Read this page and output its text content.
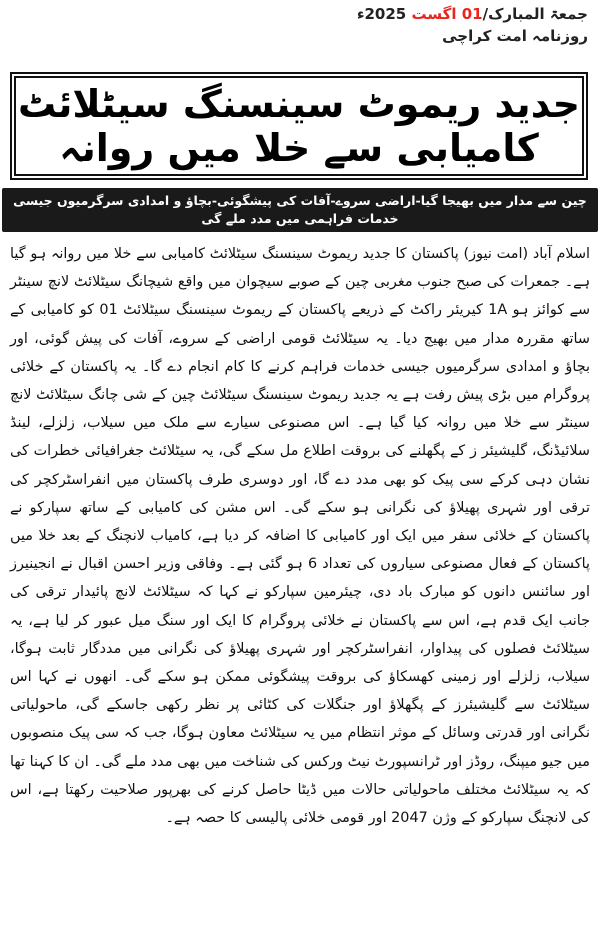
جمعۃ المبارک/01 اگست 2025ء
روزنامہ امت کراچی
جدید ریموٹ سینسنگ سیٹلائٹ کامیابی سے خلا میں روانہ
چین سے مدار میں بھیجا گیا-اراضی سروے-آفات کی پیشگوئی-بچاؤ و امدادی سرگرمیوں جیسی خدمات فراہمی میں مدد ملے گی

اسلام آباد (امت نیوز) پاکستان کا جدید ریموٹ سینسنگ سیٹلائٹ کامیابی سے خلا میں روانہ ہو گیا ہے۔ جمعرات کی صبح جنوب مغربی چین کے صوبے سیچوان میں واقع شیچانگ سیٹلائٹ لانچ سینٹر سے کوائز ہو 1A کیریئر راکٹ کے ذریعے پاکستان کے ریموٹ سینسنگ سیٹلائٹ 01 کو کامیابی کے ساتھ مقررہ مدار میں بھیج دیا۔ یہ سیٹلائٹ قومی اراضی کے سروے، آفات کی پیش گوئی، اور بچاؤ و امدادی سرگرمیوں جیسی خدمات فراہم کرنے کا کام انجام دے گا۔ یہ پاکستان کے خلائی پروگرام میں بڑی پیش رفت ہے یہ جدید ریموٹ سینسنگ سیٹلائٹ چین کے شی چانگ سیٹلائٹ لانچ سینٹر سے خلا میں روانہ کیا گیا ہے۔ اس مصنوعی سیارے سے ملک میں سیلاب، زلزلے، لینڈ سلائیڈنگ، گلیشیئر ز کے پگھلنے کی بروقت اطلاع مل سکے گی، یہ سیٹلائٹ جغرافیائی خطرات کی نشان دہی کرکے سی پیک کو بھی مدد دے گا، اور دوسری طرف پاکستان میں انفراسٹرکچر کی ترقی اور شہری پھیلاؤ کی نگرانی ہو سکے گی۔ اس مشن کی کامیابی کے ساتھ سپارکو نے پاکستان کے خلائی سفر میں ایک اور کامیابی کا اضافہ کر دیا ہے، کامیاب لانچنگ کے بعد خلا میں پاکستان کے فعال مصنوعی سیاروں کی تعداد 6 ہو گئی ہے۔ وفاقی وزیر احسن اقبال نے انجینیرز اور سائنس دانوں کو مبارک باد دی، چیئرمین سپارکو نے کہا کہ سیٹلائٹ لانچ پائیدار ترقی کی جانب ایک قدم ہے، اس سے پاکستان نے خلائی پروگرام کا ایک اور سنگ میل عبور کر لیا ہے، یہ سیٹلائٹ فصلوں کی پیداوار، انفراسٹرکچر اور شہری پھیلاؤ کی نگرانی میں مددگار ثابت ہوگا، سیلاب، زلزلے اور زمینی کھسکاؤ کی بروقت پیشگوئی ممکن ہو سکے گی۔ انھوں نے کہا اس سیٹلائٹ سے گلیشیئرز کے پگھلاؤ اور جنگلات کی کٹائی پر نظر رکھی جاسکے گی، ماحولیاتی نگرانی اور قدرتی وسائل کے موثر انتظام میں یہ سیٹلائٹ معاون ہوگا، جب کہ سی پیک منصوبوں میں جیو میپنگ، روڈز اور ٹرانسپورٹ نیٹ ورکس کی شناخت میں بھی مدد ملے گی۔ ان کا کہنا تھا کہ یہ سیٹلائٹ مختلف ماحولیاتی حالات میں ڈیٹا حاصل کرنے کی بھرپور صلاحیت رکھتا ہے، اس کی لانچنگ سپارکو کے وژن 2047 اور قومی خلائی پالیسی کا حصہ ہے۔
